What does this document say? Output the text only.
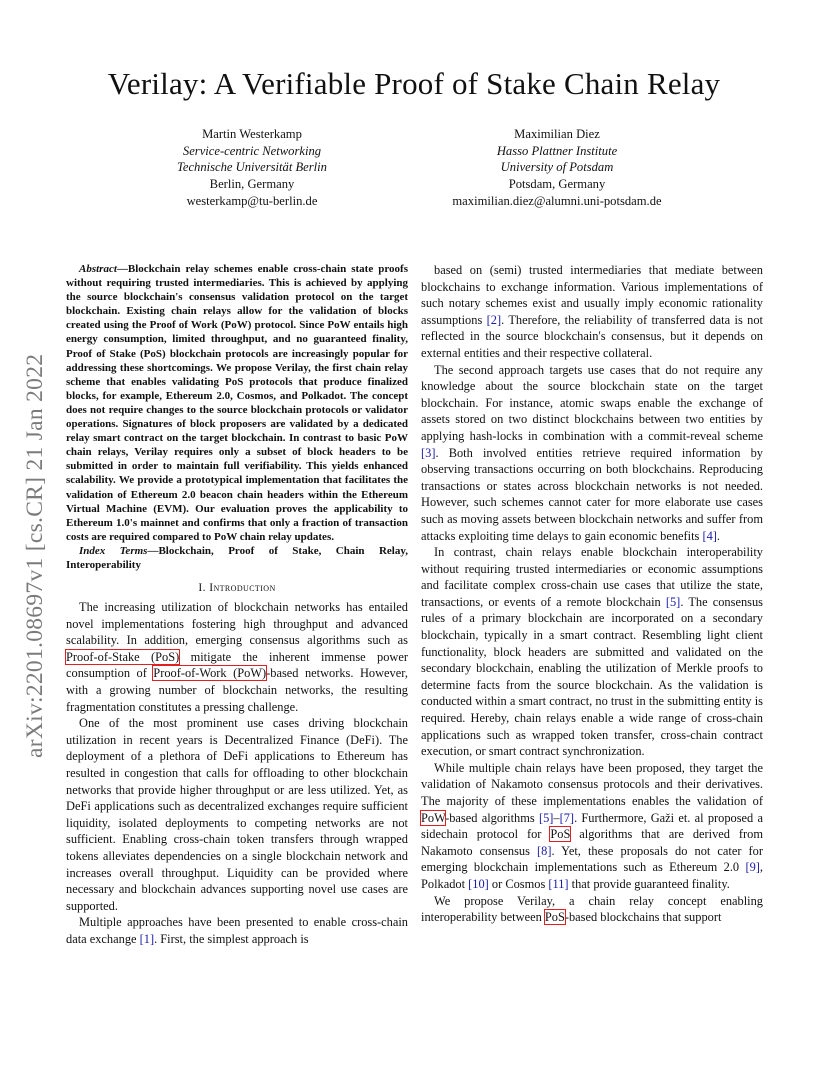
Verilay: A Verifiable Proof of Stake Chain Relay
Martin Westerkamp
Service-centric Networking
Technische Universität Berlin
Berlin, Germany
westerkamp@tu-berlin.de
Maximilian Diez
Hasso Plattner Institute
University of Potsdam
Potsdam, Germany
maximilian.diez@alumni.uni-potsdam.de
arXiv:2201.08697v1 [cs.CR] 21 Jan 2022

Abstract—Blockchain relay schemes enable cross-chain state proofs without requiring trusted intermediaries. This is achieved by applying the source blockchain's consensus validation protocol on the target blockchain. Existing chain relays allow for the validation of blocks created using the Proof of Work (PoW) protocol. Since PoW entails high energy consumption, limited throughput, and no guaranteed finality, Proof of Stake (PoS) blockchain protocols are increasingly popular for addressing these shortcomings. We propose Verilay, the first chain relay scheme that enables validating PoS protocols that produce finalized blocks, for example, Ethereum 2.0, Cosmos, and Polkadot. The concept does not require changes to the source blockchain protocols or validator operations. Signatures of block proposers are validated by a dedicated relay smart contract on the target blockchain. In contrast to basic PoW chain relays, Verilay requires only a subset of block headers to be submitted in order to maintain full verifiability. This yields enhanced scalability. We provide a prototypical implementation that facilitates the validation of Ethereum 2.0 beacon chain headers within the Ethereum Virtual Machine (EVM). Our evaluation proves the applicability to Ethereum 1.0's mainnet and confirms that only a fraction of transaction costs are required compared to PoW chain relay updates.

Index Terms—Blockchain, Proof of Stake, Chain Relay, Interoperability

I. Introduction

The increasing utilization of blockchain networks has entailed novel implementations fostering high throughput and advanced scalability. In addition, emerging consensus algorithms such as Proof-of-Stake (PoS) mitigate the inherent immense power consumption of Proof-of-Work (PoW)-based networks. However, with a growing number of blockchain networks, the resulting fragmentation constitutes a pressing challenge.

One of the most prominent use cases driving blockchain utilization in recent years is Decentralized Finance (DeFi). The deployment of a plethora of DeFi applications to Ethereum has resulted in congestion that calls for offloading to other blockchain networks that provide higher throughput or are less utilized. Yet, as DeFi applications such as decentralized exchanges require sufficient liquidity, isolated deployments to competing networks are not sufficient. Enabling cross-chain token transfers through wrapped tokens alleviates dependencies on a single blockchain network and increases overall throughput. Liquidity can be provided where necessary and blockchain advances supporting novel use cases are supported.

Multiple approaches have been presented to enable cross-chain data exchange [1]. First, the simplest approach is

based on (semi) trusted intermediaries that mediate between blockchains to exchange information. Various implementations of such notary schemes exist and usually imply economic rationality assumptions [2]. Therefore, the reliability of transferred data is not reflected in the source blockchain's consensus, but it depends on external entities and their respective collateral.

The second approach targets use cases that do not require any knowledge about the source blockchain state on the target blockchain. For instance, atomic swaps enable the exchange of assets stored on two distinct blockchains between two entities by applying hash-locks in combination with a commit-reveal scheme [3]. Both involved entities retrieve required information by observing transactions occurring on both blockchains. Reproducing transactions or states across blockchain networks is not needed. However, such schemes cannot cater for more elaborate use cases such as moving assets between blockchain networks and suffer from attacks exploiting time delays to gain economic benefits [4].

In contrast, chain relays enable blockchain interoperability without requiring trusted intermediaries or economic assumptions and facilitate complex cross-chain use cases that utilize the state, transactions, or events of a remote blockchain [5]. The consensus rules of a primary blockchain are incorporated on a secondary blockchain, typically in a smart contract. Resembling light client functionality, block headers are submitted and validated on the secondary blockchain, enabling the utilization of Merkle proofs to determine facts from the source blockchain. As the validation is conducted within a smart contract, no trust in the submitting entity is required. Hereby, chain relays enable a wide range of cross-chain applications such as wrapped token transfer, cross-chain contract execution, or smart contract synchronization.

While multiple chain relays have been proposed, they target the validation of Nakamoto consensus protocols and their derivatives. The majority of these implementations enables the validation of PoW-based algorithms [5]–[7]. Furthermore, Gaži et. al proposed a sidechain protocol for PoS algorithms that are derived from Nakamoto consensus [8]. Yet, these proposals do not cater for emerging blockchain implementations such as Ethereum 2.0 [9], Polkadot [10] or Cosmos [11] that provide guaranteed finality.

We propose Verilay, a chain relay concept enabling interoperability between PoS-based blockchains that support
